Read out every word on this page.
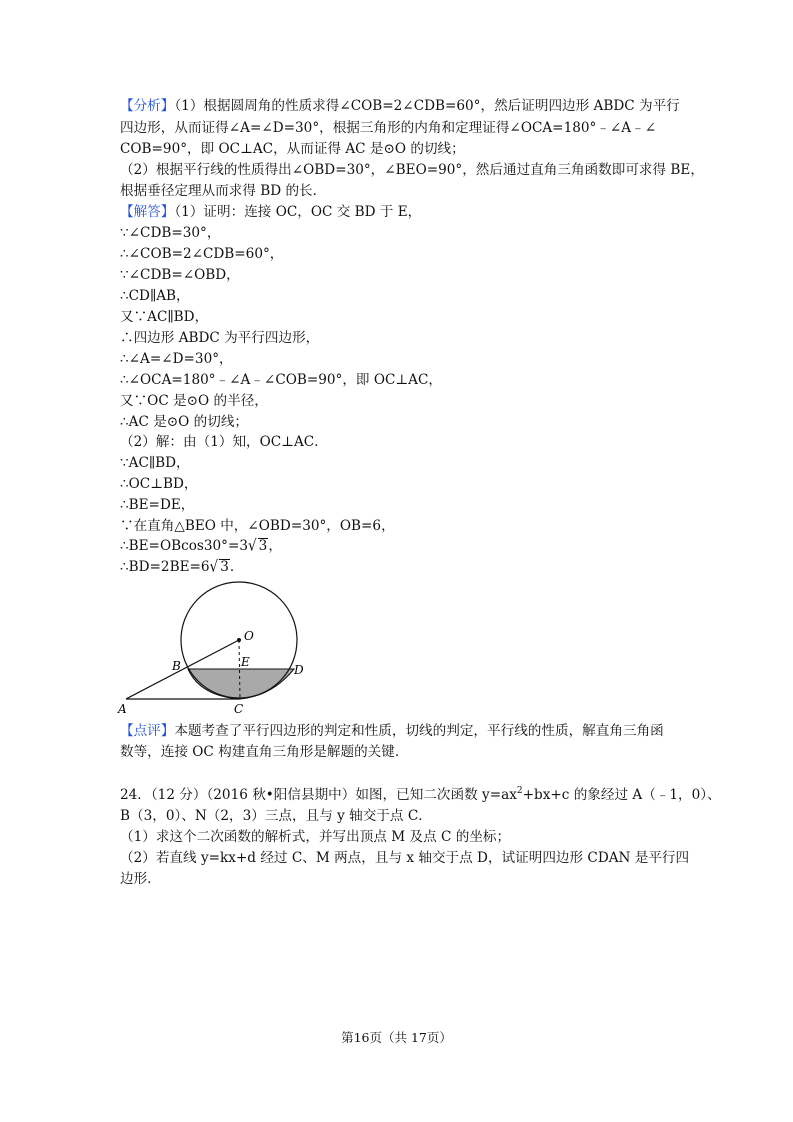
【分析】（1）根据圆周角的性质求得∠COB=2∠CDB=60°，然后证明四边形 ABDC 为平行
四边形，从而证得∠A=∠D=30°，根据三角形的内角和定理证得∠OCA=180°﹣∠A﹣∠
COB=90°，即 OC⊥AC，从而证得 AC 是⊙O 的切线；
（2）根据平行线的性质得出∠OBD=30°，∠BEO=90°，然后通过直角三角函数即可求得 BE，
根据垂径定理从而求得 BD 的长．
【解答】（1）证明：连接 OC，OC 交 BD 于 E，
∵∠CDB=30°，
∴∠COB=2∠CDB=60°，
∵∠CDB=∠OBD，
∴CD∥AB，
又∵AC∥BD，
∴四边形 ABDC 为平行四边形，
∴∠A=∠D=30°，
∴∠OCA=180°﹣∠A﹣∠COB=90°，即 OC⊥AC，
又∵OC 是⊙O 的半径，
∴AC 是⊙O 的切线；
（2）解：由（1）知，OC⊥AC．
∵AC∥BD，
∴OC⊥BD，
∴BE=DE，
∵在直角△BEO 中，∠OBD=30°，OB=6，
∴BE=OBcos30°=3√ 3，
∴BD=2BE=6√ 3．
O
B	E
D
A	C
【点评】本题考查了平行四边形的判定和性质，切线的判定，平行线的性质，解直角三角函
数等，连接 OC 构建直角三角形是解题的关键．
24．（12 分）（2016 秋•阳信县期中）如图，已知二次函数 $y=ax^2+bx+c$ 的象经过 A（﹣1，0）、
B（3，0）、N（2，3）三点，且与 y 轴交于点 C．
（1）求这个二次函数的解析式，并写出顶点 M 及点 C 的坐标；
（2）若直线 y=kx+d 经过 C、M 两点，且与 x 轴交于点 D，试证明四边形 CDAN 是平行四
边形．
第16页（共 17页）
